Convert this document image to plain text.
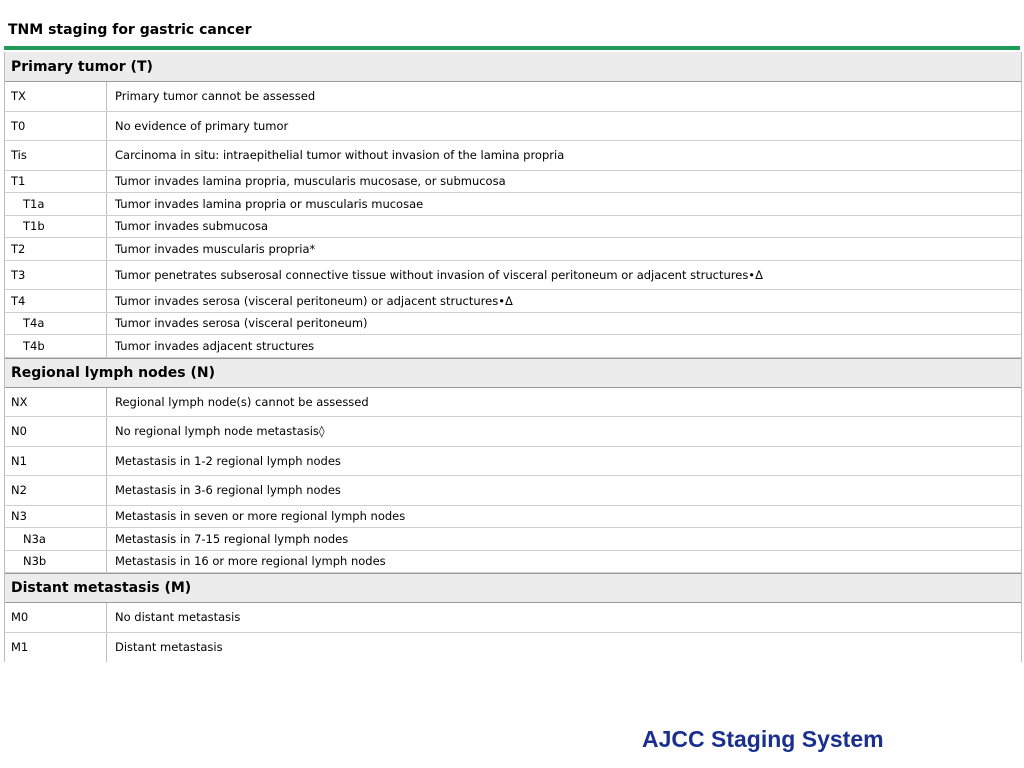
TNM staging for gastric cancer
Primary tumor (T)
TX	Primary tumor cannot be assessed
T0	No evidence of primary tumor
Tis	Carcinoma in situ: intraepithelial tumor without invasion of the lamina propria
T1	Tumor invades lamina propria, muscularis mucosase, or submucosa
T1a	Tumor invades lamina propria or muscularis mucosae
T1b	Tumor invades submucosa
T2	Tumor invades muscularis propria*
T3	Tumor penetrates subserosal connective tissue without invasion of visceral peritoneum or adjacent structures•Δ
T4	Tumor invades serosa (visceral peritoneum) or adjacent structures•Δ
T4a	Tumor invades serosa (visceral peritoneum)
T4b	Tumor invades adjacent structures
Regional lymph nodes (N)
NX	Regional lymph node(s) cannot be assessed
N0	No regional lymph node metastasis◊
N1	Metastasis in 1-2 regional lymph nodes
N2	Metastasis in 3-6 regional lymph nodes
N3	Metastasis in seven or more regional lymph nodes
N3a	Metastasis in 7-15 regional lymph nodes
N3b	Metastasis in 16 or more regional lymph nodes
Distant metastasis (M)
M0	No distant metastasis
M1	Distant metastasis
AJCC Staging System
